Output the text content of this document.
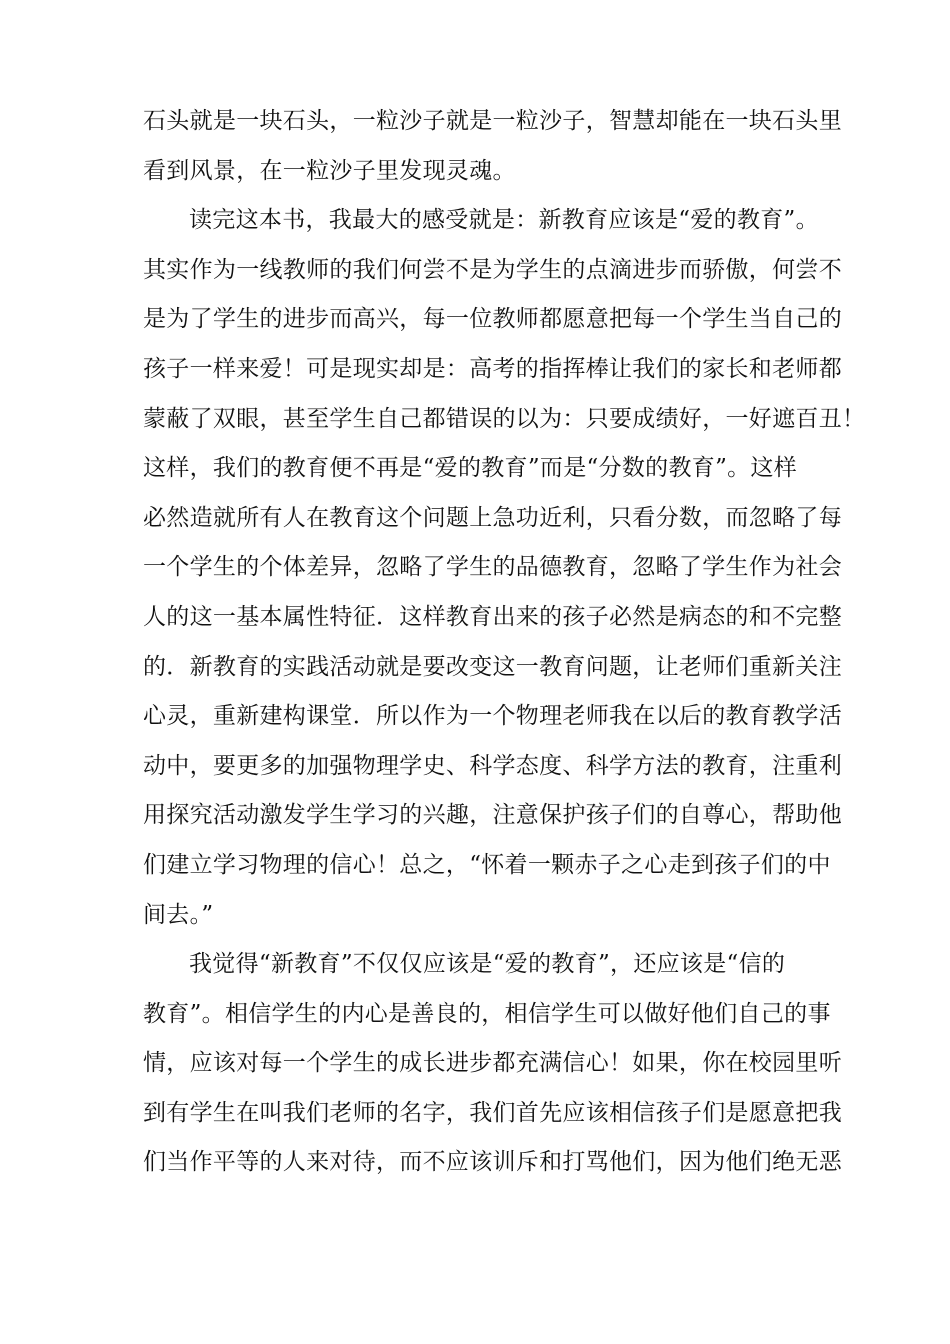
石头就是一块石头，一粒沙子就是一粒沙子，智慧却能在一块石头里
看到风景，在一粒沙子里发现灵魂。
读完这本书，我最大的感受就是：新教育应该是“爱的教育”。
其实作为一线教师的我们何尝不是为学生的点滴进步而骄傲，何尝不
是为了学生的进步而高兴，每一位教师都愿意把每一个学生当自己的
孩子一样来爱！可是现实却是：高考的指挥棒让我们的家长和老师都
蒙蔽了双眼，甚至学生自己都错误的以为：只要成绩好，一好遮百丑！
这样，我们的教育便不再是“爱的教育”而是“分数的教育”。这样
必然造就所有人在教育这个问题上急功近利，只看分数，而忽略了每
一个学生的个体差异，忽略了学生的品德教育，忽略了学生作为社会
人的这一基本属性特征．这样教育出来的孩子必然是病态的和不完整
的．新教育的实践活动就是要改变这一教育问题，让老师们重新关注
心灵，重新建构课堂．所以作为一个物理老师我在以后的教育教学活
动中，要更多的加强物理学史、科学态度、科学方法的教育，注重利
用探究活动激发学生学习的兴趣，注意保护孩子们的自尊心，帮助他
们建立学习物理的信心！总之，“怀着一颗赤子之心走到孩子们的中
间去。”
我觉得“新教育”不仅仅应该是“爱的教育”，还应该是“信的
教育”。相信学生的内心是善良的，相信学生可以做好他们自己的事
情，应该对每一个学生的成长进步都充满信心！如果，你在校园里听
到有学生在叫我们老师的名字，我们首先应该相信孩子们是愿意把我
们当作平等的人来对待，而不应该训斥和打骂他们，因为他们绝无恶
